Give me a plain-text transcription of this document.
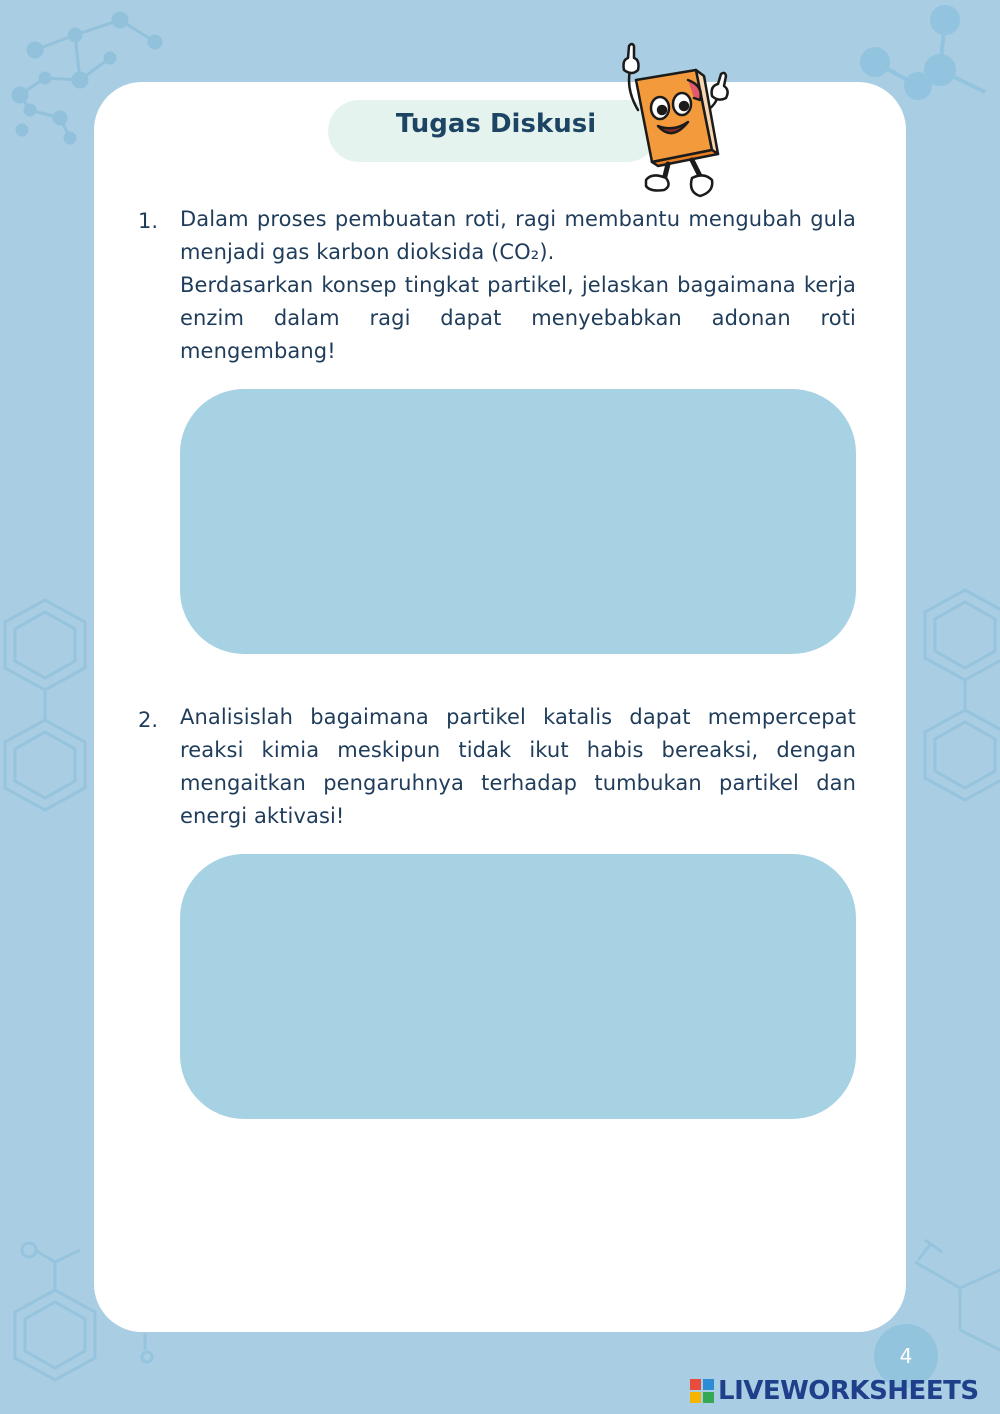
Tugas Diskusi
1. Dalam proses pembuatan roti, ragi membantu mengubah gula menjadi gas karbon dioksida (CO₂).

Berdasarkan konsep tingkat partikel, jelaskan bagaimana kerja enzim dalam ragi dapat menyebabkan adonan roti mengembang!

2. Analisislah bagaimana partikel katalis dapat mempercepat reaksi kimia meskipun tidak ikut habis bereaksi, dengan mengaitkan pengaruhnya terhadap tumbukan partikel dan energi aktivasi!

4
LIVEWORKSHEETS
